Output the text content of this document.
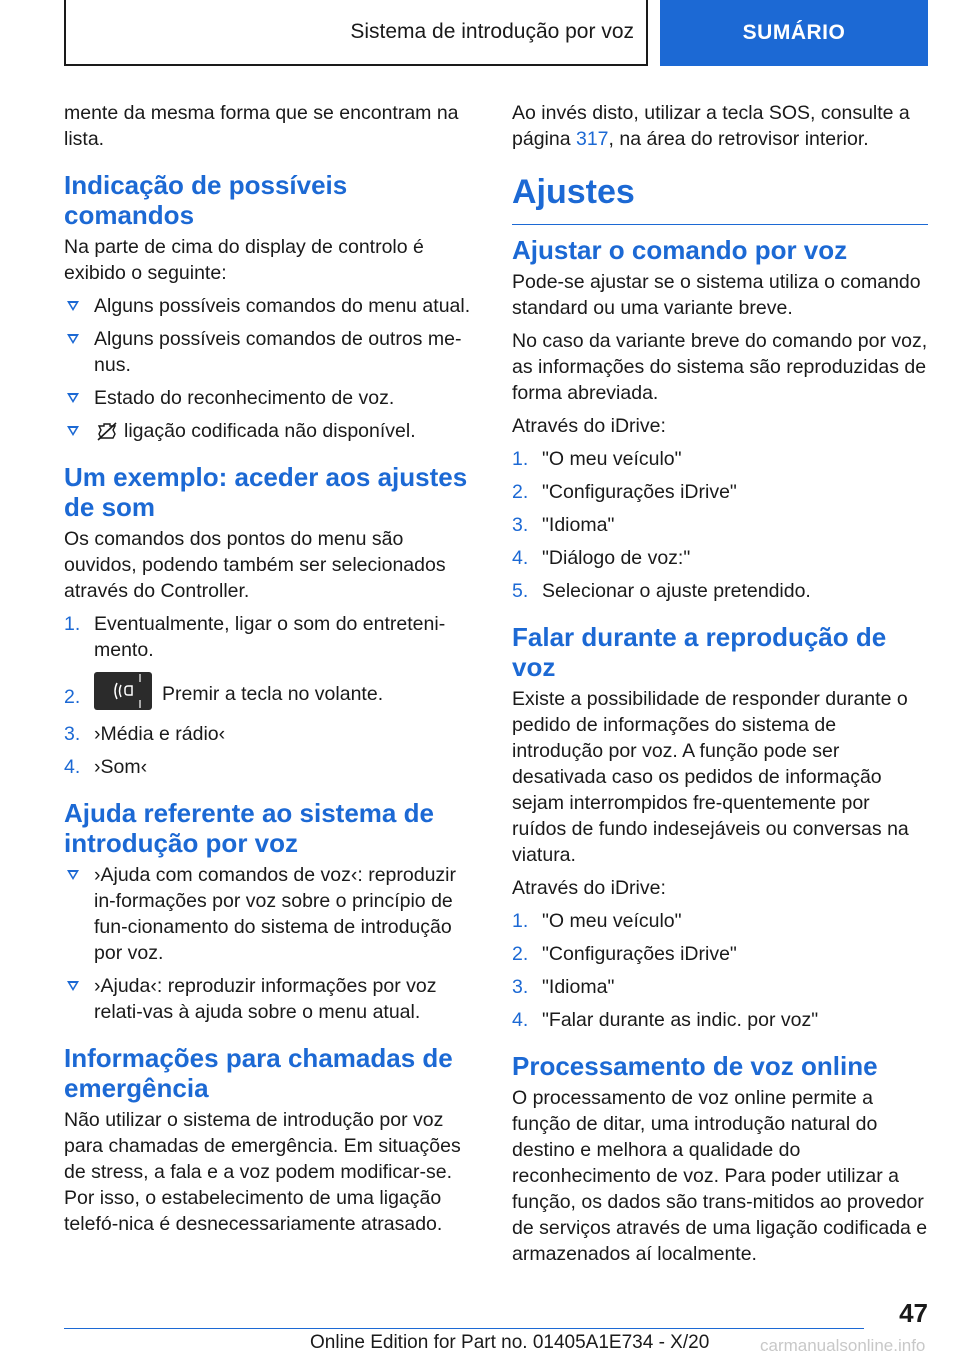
Sistema de introdução por voz	SUMÁRIO

mente da mesma forma que se encontram na lista.

Indicação de possíveis comandos

Na parte de cima do display de controlo é exibido o seguinte:

Alguns possíveis comandos do menu atual.
Alguns possíveis comandos de outros me‐nus.
Estado do reconhecimento de voz.
ligação codificada não disponível.
Um exemplo: aceder aos ajustes de som

Os comandos dos pontos do menu são ouvidos, podendo também ser selecionados através do Controller.

1. Eventualmente, ligar o som do entreteni‐mento.
2.	Premir a tecla no volante.
3. ›Média e rádio‹
4. ›Som‹
Ajuda referente ao sistema de introdução por voz
›Ajuda com comandos de voz‹: reproduzir in‐formações por voz sobre o princípio de fun‐cionamento do sistema de introdução por voz.
›Ajuda‹: reproduzir informações por voz relati‐vas à ajuda sobre o menu atual.
Informações para chamadas de emergência

Não utilizar o sistema de introdução por voz para chamadas de emergência. Em situações de stress, a fala e a voz podem modificar-se. Por isso, o estabelecimento de uma ligação telefó‐nica é desnecessariamente atrasado.

Ao invés disto, utilizar a tecla SOS, consulte a página 317, na área do retrovisor interior.

Ajustes
Ajustar o comando por voz

Pode-se ajustar se o sistema utiliza o comando standard ou uma variante breve.

No caso da variante breve do comando por voz, as informações do sistema são reproduzidas de forma abreviada.

Através do iDrive:

1. "O meu veículo"
2. "Configurações iDrive"
3. "Idioma"
4. "Diálogo de voz:"
5. Selecionar o ajuste pretendido.
Falar durante a reprodução de voz

Existe a possibilidade de responder durante o pedido de informações do sistema de introdução por voz. A função pode ser desativada caso os pedidos de informação sejam interrompidos fre‐quentemente por ruídos de fundo indesejáveis ou conversas na viatura.

Através do iDrive:

1. "O meu veículo"
2. "Configurações iDrive"
3. "Idioma"
4. "Falar durante as indic. por voz"
Processamento de voz online

O processamento de voz online permite a função de ditar, uma introdução natural do destino e melhora a qualidade do reconhecimento de voz. Para poder utilizar a função, os dados são trans‐mitidos ao provedor de serviços através de uma ligação codificada e armazenados aí localmente.

47
Online Edition for Part no. 01405A1E734 - X/20	carmanualsonline.info
